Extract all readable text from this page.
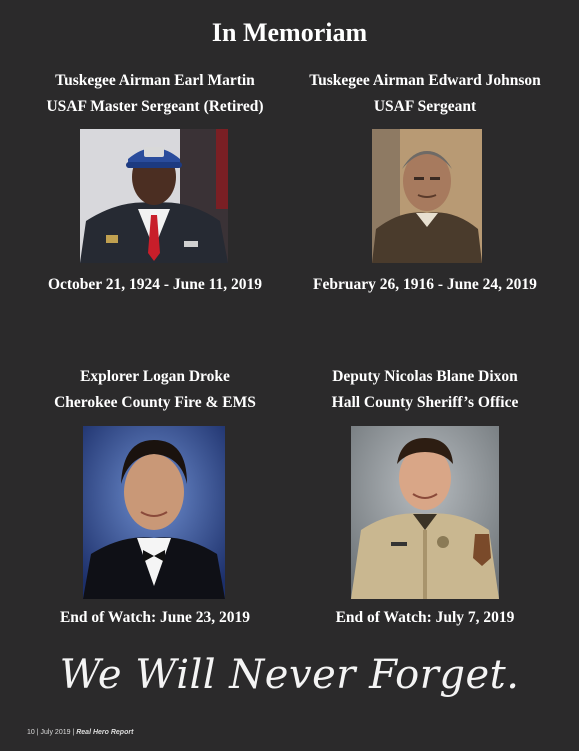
In Memoriam
Tuskegee Airman Earl Martin
USAF Master Sergeant (Retired)
October 21, 1924 - June 11, 2019
Tuskegee Airman Edward Johnson
USAF Sergeant
February 26, 1916 - June 24, 2019
Explorer Logan Droke
Cherokee County Fire & EMS
End of Watch: June 23, 2019
Deputy Nicolas Blane Dixon
Hall County Sheriff’s Office
End of Watch: July 7, 2019
We Will Never Forget.
10 | July 2019 | Real Hero Report
